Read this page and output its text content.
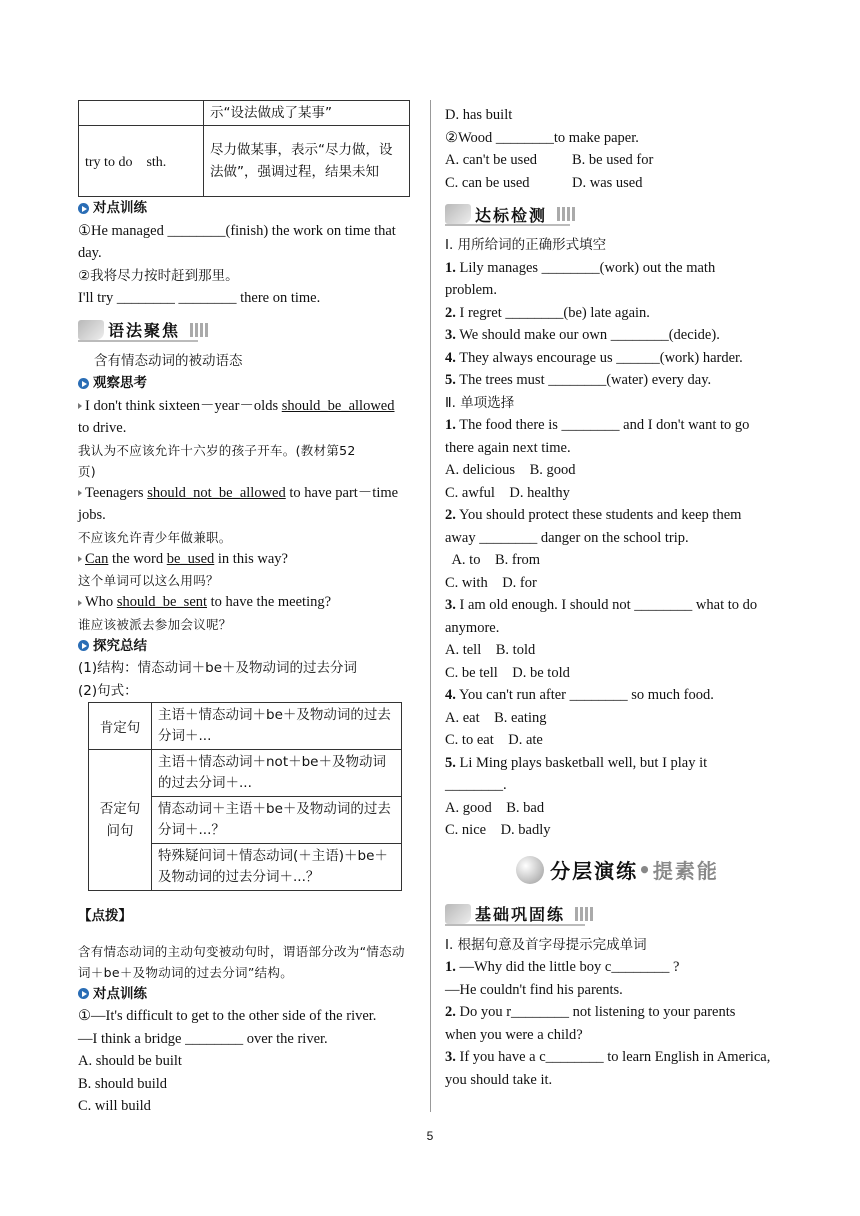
	示“设法做成了某事”
try to do　sth.	尽力做某事，表示“尽力做，设法做”，强调过程，结果未知
对点训练

①He managed ________(finish) the work on time that

day.

②我将尽力按时赶到那里。

I'll try ________ ________ there on time.

语法聚焦

含有情态动词的被动语态

观察思考

I don't think sixteen－year－olds should_be_allowed

to drive.

我认为不应该允许十六岁的孩子开车。(教材第52

页)

Teenagers should_not_be_allowed to have part－time

jobs.

不应该允许青少年做兼职。

Can the word be_used in this way?

这个单词可以这么用吗？

Who should_be_sent to have the meeting?

谁应该被派去参加会议呢？

探究总结

(1)结构：情态动词＋be＋及物动词的过去分词

(2)句式：

肯定句	主语＋情态动词＋be＋及物动词的过去分词＋...
否定句问句	主语＋情态动词＋not＋be＋及物动词的过去分词＋...
	情态动词＋主语＋be＋及物动词的过去分词＋...？
	特殊疑问词＋情态动词(＋主语)＋be＋及物动词的过去分词＋...？

【点拨】

含有情态动词的主动句变被动句时，谓语部分改为“情态动词＋be＋及物动词的过去分词”结构。

对点训练

①—It's difficult to get to the other side of the river.

—I think a bridge ________ over the river.

A. should be built

B. should build

C. will build

D. has built

②Wood ________to make paper.

A. can't be used B. be used for

C. can be used	D. was used

达标检测

Ⅰ. 用所给词的正确形式填空

1. Lily manages ________(work) out the math

problem.

2. I regret ________(be) late again.

3. We should make our own ________(decide).

4. They always encourage us ______(work) harder.

5. The trees must ________(water) every day.

Ⅱ. 单项选择

1. The food there is ________ and I don't want to go

there again next time.

A. delicious　B. good

C. awful　D. healthy

2. You should protect these students and keep them

away ________ danger on the school trip.

A. to　B. from

C. with　D. for

3. I am old enough. I should not ________ what to do

anymore.

A. tell　B. told

C. be tell　D. be told

4. You can't run after ________ so much food.

A. eat　B. eating

C. to eat　D. ate

5. Li Ming plays basketball well, but I play it

________.

A. good　B. bad

C. nice　D. badly

分层演练 • 提素能
基础巩固练

Ⅰ. 根据句意及首字母提示完成单词

1. —Why did the little boy c________ ?

—He couldn't find his parents.

2. Do you r________ not listening to your parents

when you were a child?

3. If you have a c________ to learn English in America,

you should take it.

5
